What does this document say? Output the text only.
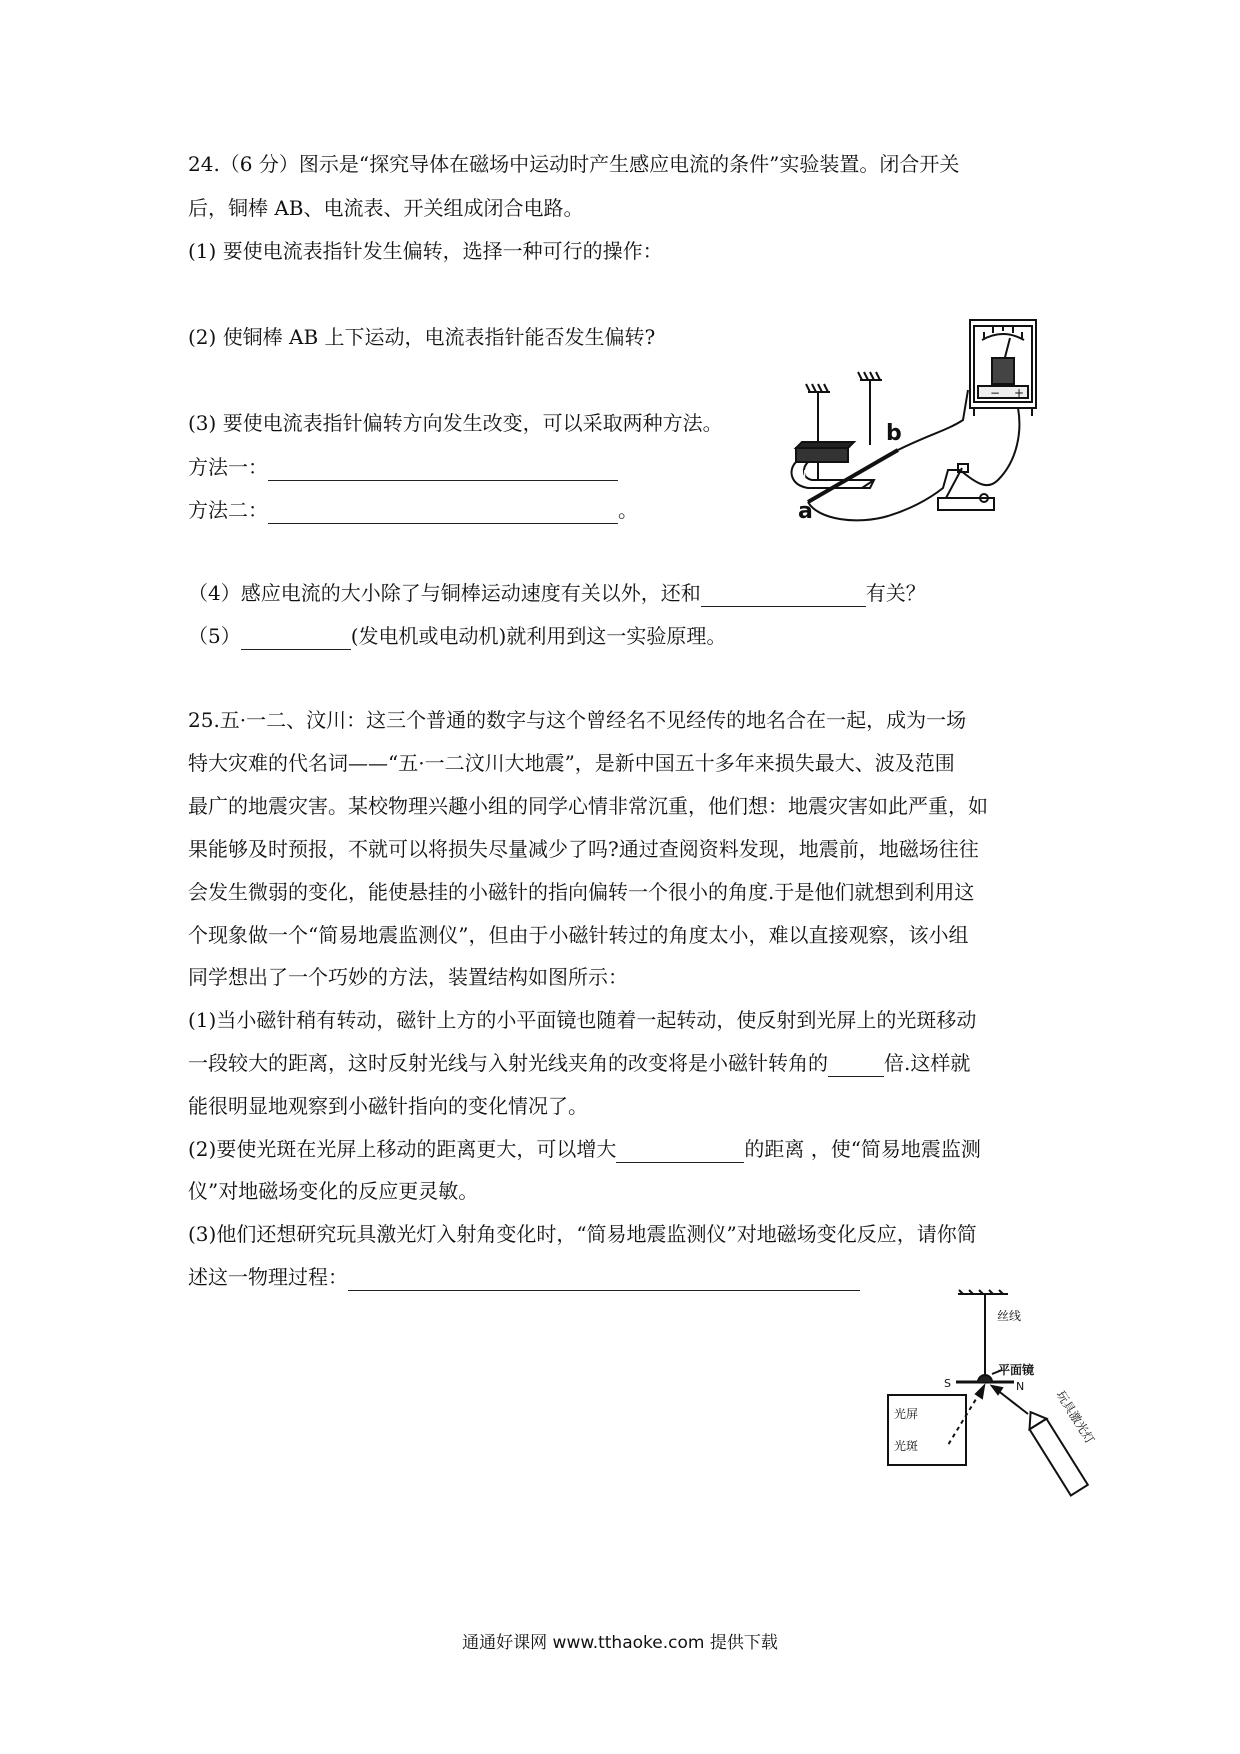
24.（6 分）图示是“探究导体在磁场中运动时产生感应电流的条件”实验装置。闭合开关
后，铜棒 AB、电流表、开关组成闭合电路。
(1) 要使电流表指针发生偏转，选择一种可行的操作：
(2) 使铜棒 AB 上下运动，电流表指针能否发生偏转?
(3) 要使电流表指针偏转方向发生改变，可以采取两种方法。
方法一：
方法二：	。
（4）感应电流的大小除了与铜棒运动速度有关以外，还和	有关？
（5）	(发电机或电动机)就利用到这一实验原理。
N
− +
b
a
25.五·一二、汶川：这三个普通的数字与这个曾经名不见经传的地名合在一起，成为一场
特大灾难的代名词——“五·一二汶川大地震”，是新中国五十多年来损失最大、波及范围
最广的地震灾害。某校物理兴趣小组的同学心情非常沉重，他们想：地震灾害如此严重，如
果能够及时预报，不就可以将损失尽量减少了吗?通过查阅资料发现，地震前，地磁场往往
会发生微弱的变化，能使悬挂的小磁针的指向偏转一个很小的角度.于是他们就想到利用这
个现象做一个“简易地震监测仪”，但由于小磁针转过的角度太小，难以直接观察，该小组
同学想出了一个巧妙的方法，装置结构如图所示：
(1)当小磁针稍有转动，磁针上方的小平面镜也随着一起转动，使反射到光屏上的光斑移动
一段较大的距离，这时反射光线与入射光线夹角的改变将是小磁针转角的	倍.这样就
能很明显地观察到小磁针指向的变化情况了。
(2)要使光斑在光屏上移动的距离更大，可以增大	的距离 ，使“简易地震监测
仪”对地磁场变化的反应更灵敏。
(3)他们还想研究玩具激光灯入射角变化时，“简易地震监测仪”对地磁场变化反应，请你简
述这一物理过程：
丝线
平面镜
S	N
光屏
光斑	玩具激光灯
通通好课网 www.tthaoke.com 提供下载
